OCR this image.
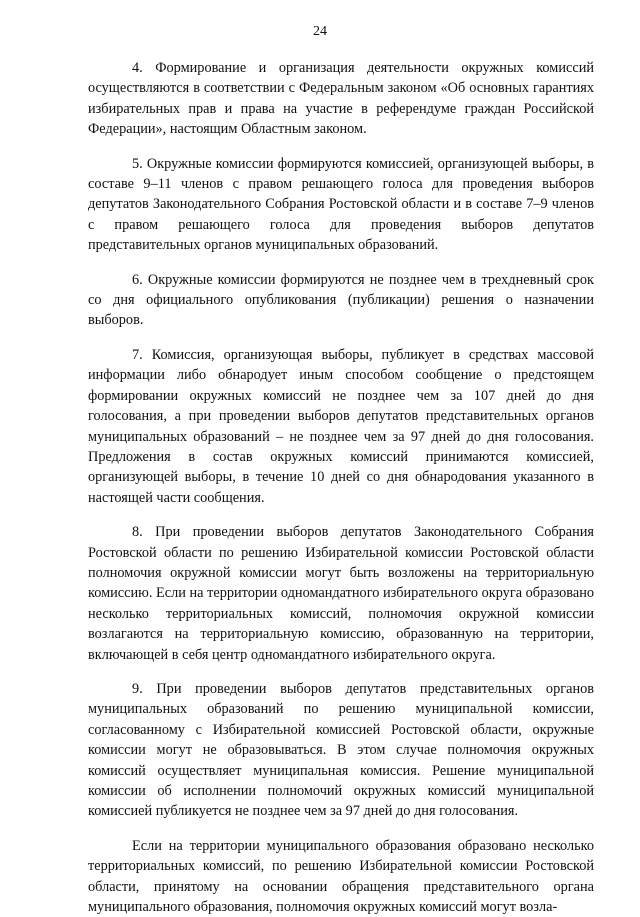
24

4. Формирование и организация деятельности окружных комиссий осуществляются в соответствии с Федеральным законом «Об основных гарантиях избирательных прав и права на участие в референдуме граждан Российской Федерации», настоящим Областным законом.

5. Окружные комиссии формируются комиссией, организующей выборы, в составе 9–11 членов с правом решающего голоса для проведения выборов депутатов Законодательного Собрания Ростовской области и в составе 7–9 членов с правом решающего голоса для проведения выборов депутатов представительных органов муниципальных образований.

6. Окружные комиссии формируются не позднее чем в трехдневный срок со дня официального опубликования (публикации) решения о назначении выборов.

7. Комиссия, организующая выборы, публикует в средствах массовой информации либо обнародует иным способом сообщение о предстоящем формировании окружных комиссий не позднее чем за 107 дней до дня голосования, а при проведении выборов депутатов представительных органов муниципальных образований – не позднее чем за 97 дней до дня голосования. Предложения в состав окружных комиссий принимаются комиссией, организующей выборы, в течение 10 дней со дня обнародования указанного в настоящей части сообщения.

8. При проведении выборов депутатов Законодательного Собрания Ростовской области по решению Избирательной комиссии Ростовской области полномочия окружной комиссии могут быть возложены на территориальную комиссию. Если на территории одномандатного избирательного округа образовано несколько территориальных комиссий, полномочия окружной комиссии возлагаются на территориальную комиссию, образованную на территории, включающей в себя центр одномандатного избирательного округа.

9. При проведении выборов депутатов представительных органов муниципальных образований по решению муниципальной комиссии, согласованному с Избирательной комиссией Ростовской области, окружные комиссии могут не образовываться. В этом случае полномочия окружных комиссий осуществляет муниципальная комиссия. Решение муниципальной комиссии об исполнении полномочий окружных комиссий муниципальной комиссией публикуется не позднее чем за 97 дней до дня голосования.

Если на территории муниципального образования образовано несколько территориальных комиссий, по решению Избирательной комиссии Ростовской области, принятому на основании обращения представительного органа муниципального образования, полномочия окружных комиссий могут возла-
